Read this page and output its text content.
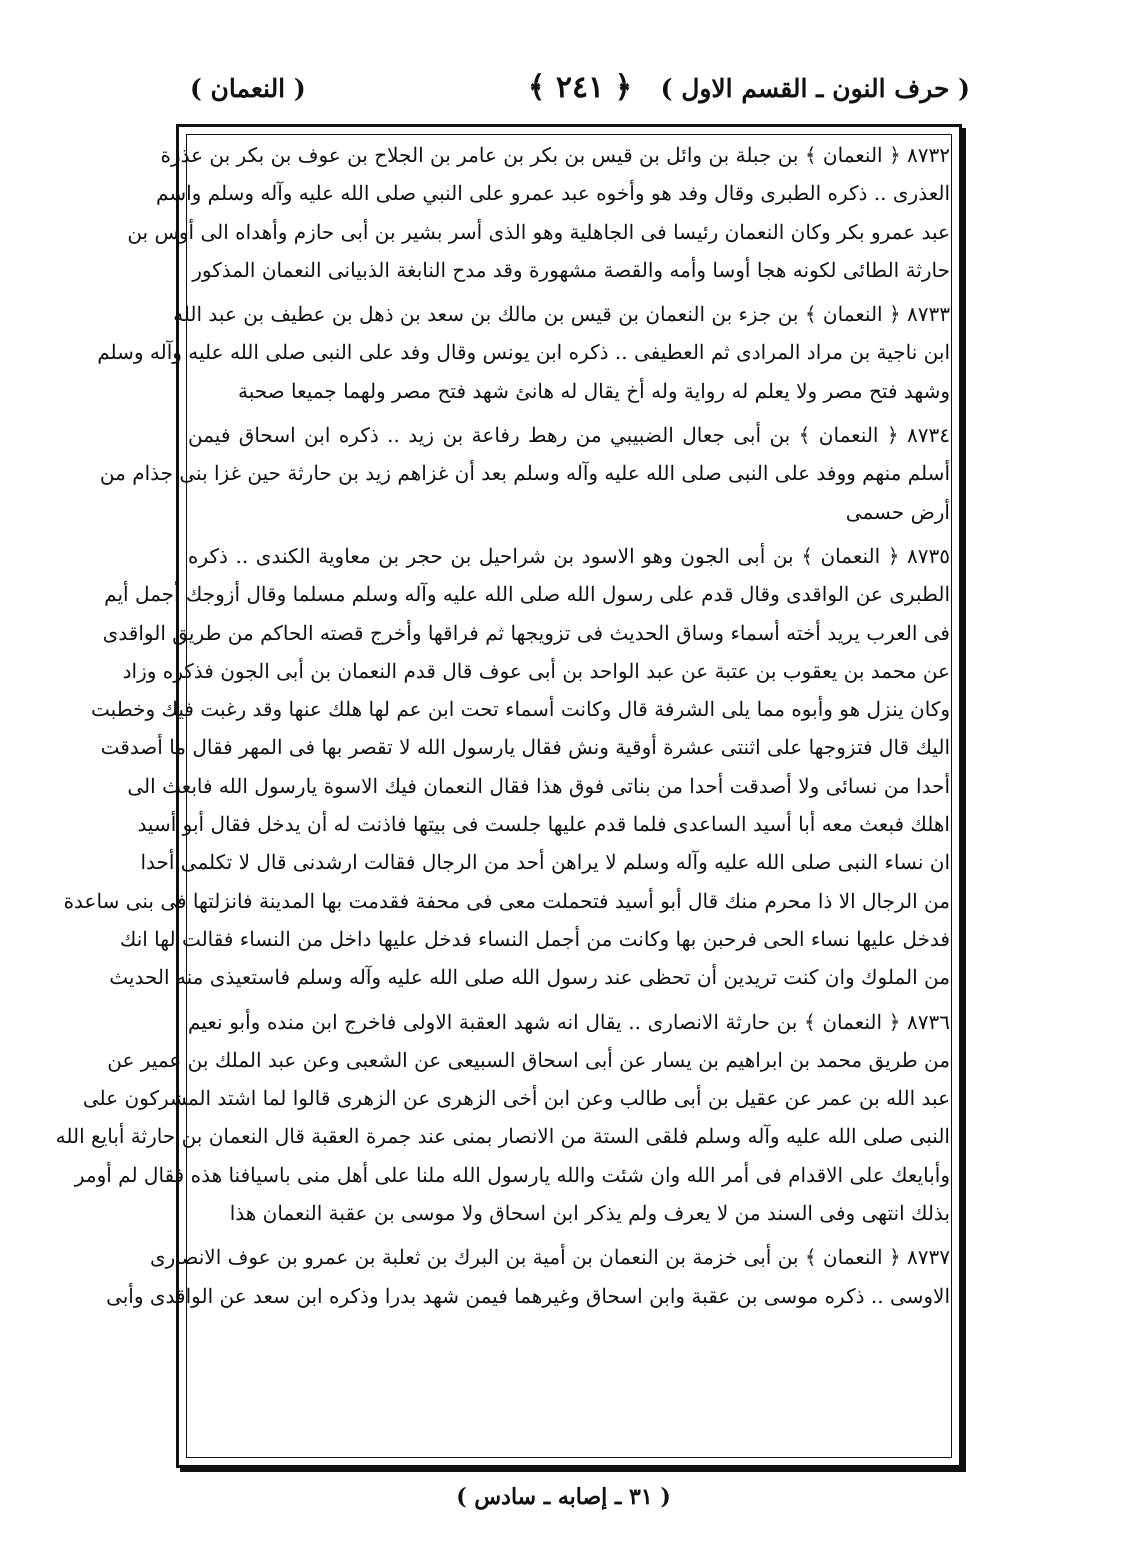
( حرف النون ـ القسم الاول )
﴿ ٢٤١ ﴾
( النعمان )
٨٧٣٢ ﴿ النعمان ﴾ بن جبلة بن وائل بن قيس بن بكر بن عامر بن الجلاح بن عوف بن بكر بن عذرة
العذرى .. ذكره الطبرى وقال وفد هو وأخوه عبد عمرو على النبي صلى الله عليه وآله وسلم واسم
عبد عمرو بكر وكان النعمان رئيسا فى الجاهلية وهو الذى أسر بشير بن أبى حازم وأهداه الى أوس بن
حارثة الطائى لكونه هجا أوسا وأمه والقصة مشهورة وقد مدح النابغة الذبيانى النعمان المذكور
٨٧٣٣ ﴿ النعمان ﴾ بن جزء بن النعمان بن قيس بن مالك بن سعد بن ذهل بن عطيف بن عبد الله
ابن ناجية بن مراد المرادى ثم العطيفى .. ذكره ابن يونس وقال وفد على النبى صلى الله عليه وآله وسلم
وشهد فتح مصر ولا يعلم له رواية وله أخ يقال له هانئ شهد فتح مصر ولهما جميعا صحبة
٨٧٣٤ ﴿ النعمان ﴾ بن أبى جعال الضبيبي من رهط رفاعة بن زيد .. ذكره ابن اسحاق فيمن
أسلم منهم ووفد على النبى صلى الله عليه وآله وسلم بعد أن غزاهم زيد بن حارثة حين غزا بنى جذام من
أرض حسمى
٨٧٣٥ ﴿ النعمان ﴾ بن أبى الجون وهو الاسود بن شراحيل بن حجر بن معاوية الكندى .. ذكره
الطبرى عن الواقدى وقال قدم على رسول الله صلى الله عليه وآله وسلم مسلما وقال أزوجك أجمل أيم
فى العرب يريد أخته أسماء وساق الحديث فى تزويجها ثم فراقها وأخرج قصته الحاكم من طريق الواقدى
عن محمد بن يعقوب بن عتبة عن عبد الواحد بن أبى عوف قال قدم النعمان بن أبى الجون فذكره وزاد
وكان ينزل هو وأبوه مما يلى الشرفة قال وكانت أسماء تحت ابن عم لها هلك عنها وقد رغبت فيك وخطبت
اليك قال فتزوجها على اثنتى عشرة أوقية ونش فقال يارسول الله لا تقصر بها فى المهر فقال ما أصدقت
أحدا من نسائى ولا أصدقت أحدا من بناتى فوق هذا فقال النعمان فيك الاسوة يارسول الله فابعث الى
اهلك فبعث معه أبا أسيد الساعدى فلما قدم عليها جلست فى بيتها فاذنت له أن يدخل فقال أبو أسيد
ان نساء النبى صلى الله عليه وآله وسلم لا يراهن أحد من الرجال فقالت ارشدنى قال لا تكلمى أحدا
من الرجال الا ذا محرم منك قال أبو أسيد فتحملت معى فى محفة فقدمت بها المدينة فانزلتها فى بنى ساعدة
فدخل عليها نساء الحى فرحبن بها وكانت من أجمل النساء فدخل عليها داخل من النساء فقالت لها انك
من الملوك وان كنت تريدين أن تحظى عند رسول الله صلى الله عليه وآله وسلم فاستعيذى منه الحديث
٨٧٣٦ ﴿ النعمان ﴾ بن حارثة الانصارى .. يقال انه شهد العقبة الاولى فاخرج ابن منده وأبو نعيم
من طريق محمد بن ابراهيم بن يسار عن أبى اسحاق السبيعى عن الشعبى وعن عبد الملك بن عمير عن
عبد الله بن عمر عن عقيل بن أبى طالب وعن ابن أخى الزهرى عن الزهرى قالوا لما اشتد المشركون على
النبى صلى الله عليه وآله وسلم فلقى الستة من الانصار بمنى عند جمرة العقبة قال النعمان بن حارثة أبايع الله
وأبايعك على الاقدام فى أمر الله وان شئت والله يارسول الله ملنا على أهل منى باسيافنا هذه فقال لم أومر
بذلك انتهى وفى السند من لا يعرف ولم يذكر ابن اسحاق ولا موسى بن عقبة النعمان هذا
٨٧٣٧ ﴿ النعمان ﴾ بن أبى خزمة بن النعمان بن أمية بن البرك بن ثعلبة بن عمرو بن عوف الانصارى
الاوسى .. ذكره موسى بن عقبة وابن اسحاق وغيرهما فيمن شهد بدرا وذكره ابن سعد عن الواقدى وأبى
( ٣١ ـ إصابه ـ سادس )
